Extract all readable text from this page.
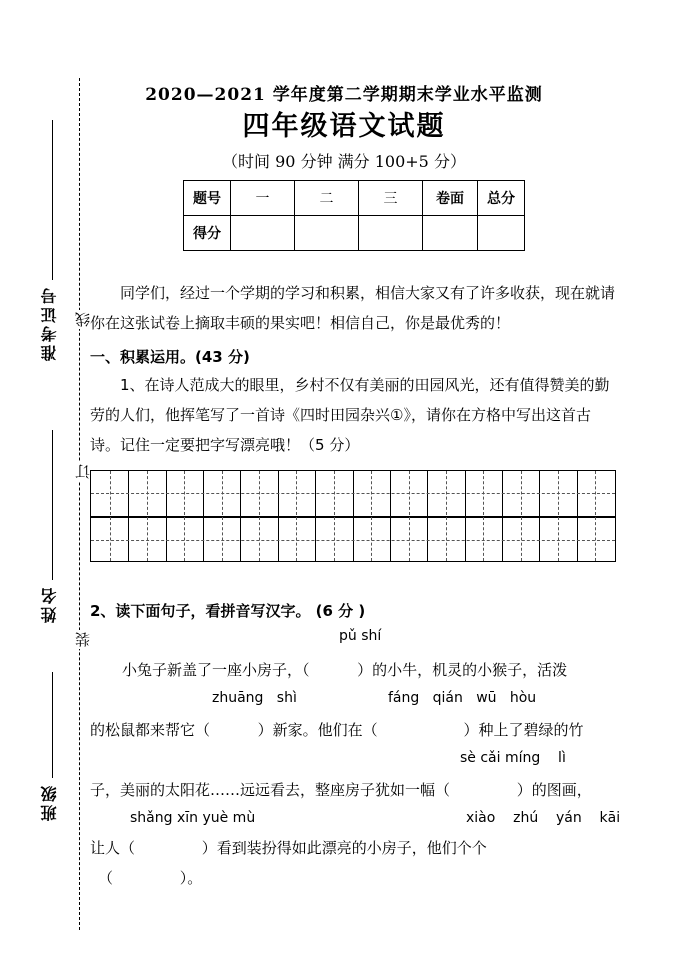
准考证号
姓名
班级
线
订
装
2020—2021 学年度第二学期期末学业水平监测
四年级语文试题
（时间 90 分钟 满分 100+5 分）
题号	一	二	三	卷面	总分
得分					
同学们，经过一个学期的学习和积累，相信大家又有了许多收获，现在就请你在这张试卷上摘取丰硕的果实吧！相信自己，你是最优秀的！
一、积累运用。(43 分)
1、在诗人范成大的眼里，乡村不仅有美丽的田园风光，还有值得赞美的勤劳的人们，他挥笔写了一首诗《四时田园杂兴①》，请你在方格中写出这首古诗。记住一定要把字写漂亮哦！（5 分）
2、读下面句子，看拼音写汉字。 (6 分 )
pǔ shí
小兔子新盖了一座小房子，（          ）的小牛，机灵的小猴子，活泼
zhuāng   shì	fáng   qián   wū   hòu
的松鼠都来帮它（          ）新家。他们在（                  ）种上了碧绿的竹
sè cǎi míng    lì
子，美丽的太阳花……远远看去，整座房子犹如一幅（              ）的图画，
shǎng xīn yuè mù	xiào    zhú    yán    kāi
让人（              ）看到装扮得如此漂亮的小房子，他们个个
（              ）。
